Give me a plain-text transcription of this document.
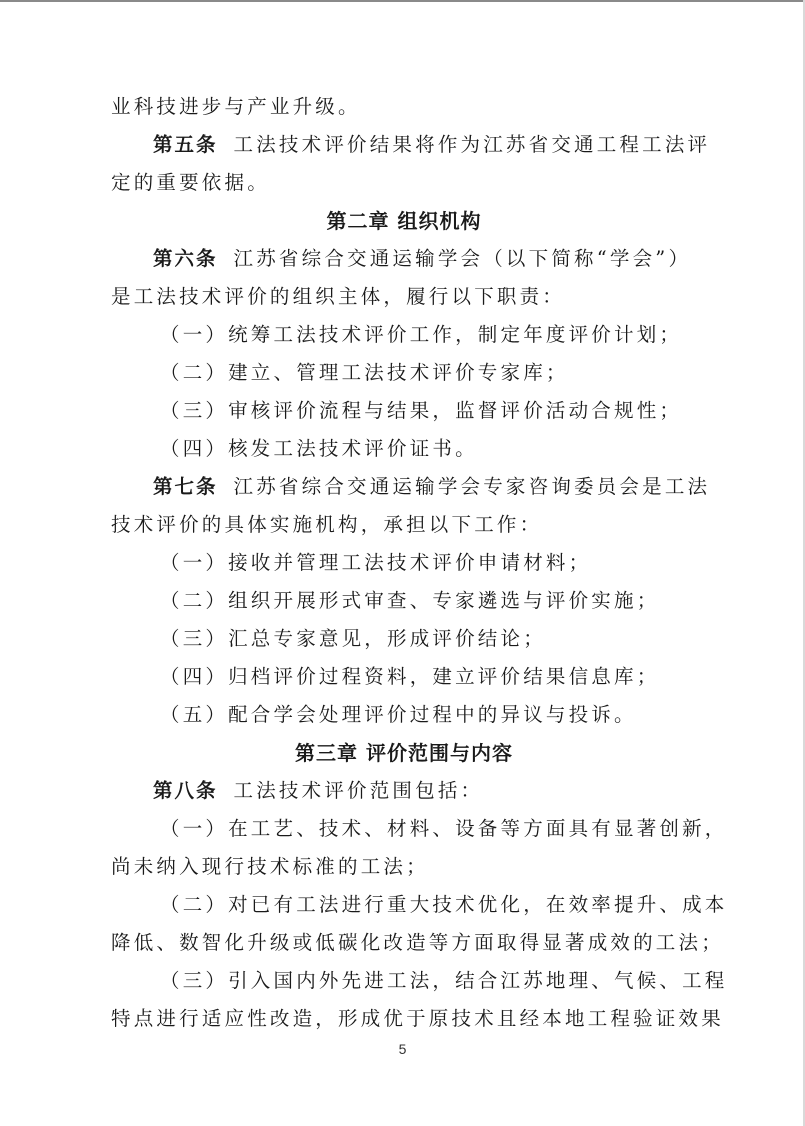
业科技进步与产业升级。
第五条 工法技术评价结果将作为江苏省交通工程工法评
定的重要依据。
第二章 组织机构
第六条 江苏省综合交通运输学会（以下简称“学会”）
是工法技术评价的组织主体，履行以下职责：
（一）统筹工法技术评价工作，制定年度评价计划；
（二）建立、管理工法技术评价专家库；
（三）审核评价流程与结果，监督评价活动合规性；
（四）核发工法技术评价证书。
第七条 江苏省综合交通运输学会专家咨询委员会是工法
技术评价的具体实施机构，承担以下工作：
（一）接收并管理工法技术评价申请材料；
（二）组织开展形式审查、专家遴选与评价实施；
（三）汇总专家意见，形成评价结论；
（四）归档评价过程资料，建立评价结果信息库；
（五）配合学会处理评价过程中的异议与投诉。
第三章 评价范围与内容
第八条 工法技术评价范围包括：
（一）在工艺、技术、材料、设备等方面具有显著创新，
尚未纳入现行技术标准的工法；
（二）对已有工法进行重大技术优化，在效率提升、成本
降低、数智化升级或低碳化改造等方面取得显著成效的工法；
（三）引入国内外先进工法，结合江苏地理、气候、工程
特点进行适应性改造，形成优于原技术且经本地工程验证效果
5
